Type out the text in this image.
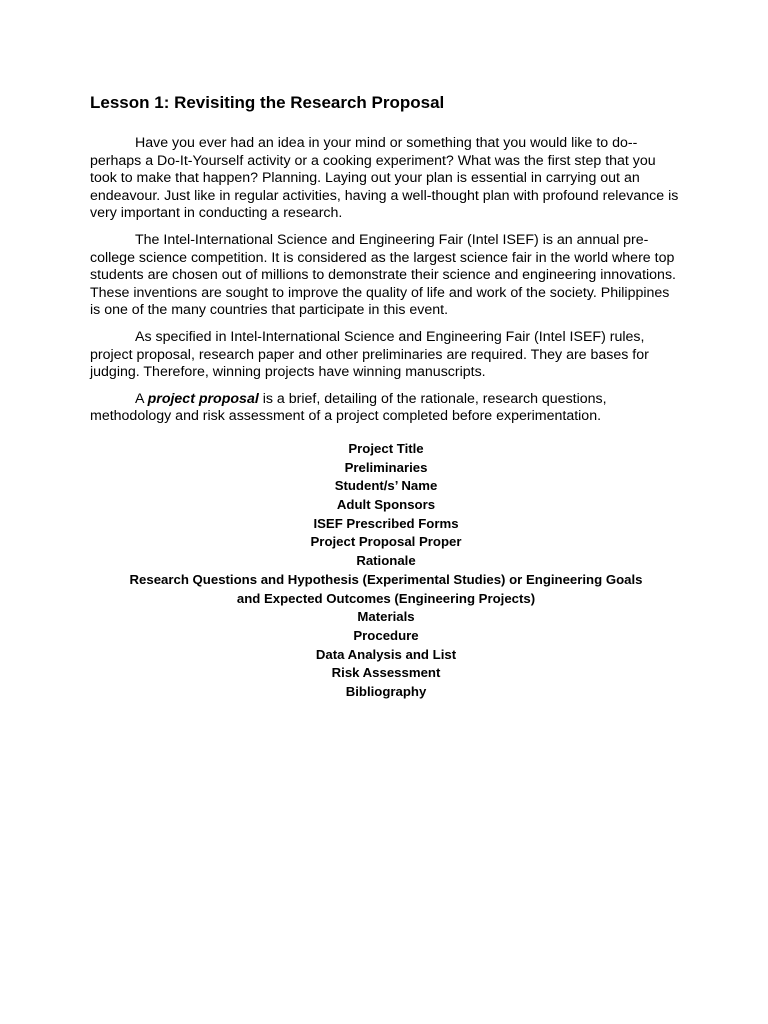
Lesson 1: Revisiting the Research Proposal

Have you ever had an idea in your mind or something that you would like to do-- perhaps a Do-It-Yourself activity or a cooking experiment? What was the first step that you took to make that happen? Planning. Laying out your plan is essential in carrying out an endeavour. Just like in regular activities, having a well-thought plan with profound relevance is very important in conducting a research.

The Intel-International Science and Engineering Fair (Intel ISEF) is an annual pre-college science competition. It is considered as the largest science fair in the world where top students are chosen out of millions to demonstrate their science and engineering innovations. These inventions are sought to improve the quality of life and work of the society. Philippines is one of the many countries that participate in this event.

As specified in Intel-International Science and Engineering Fair (Intel ISEF) rules, project proposal, research paper and other preliminaries are required. They are bases for judging. Therefore, winning projects have winning manuscripts.

A project proposal is a brief, detailing of the rationale, research questions, methodology and risk assessment of a project completed before experimentation.

Project Title
Preliminaries
Student/s’ Name
Adult Sponsors
ISEF Prescribed Forms
Project Proposal Proper
Rationale
Research Questions and Hypothesis (Experimental Studies) or Engineering Goals
and Expected Outcomes (Engineering Projects)
Materials
Procedure
Data Analysis and List
Risk Assessment
Bibliography
